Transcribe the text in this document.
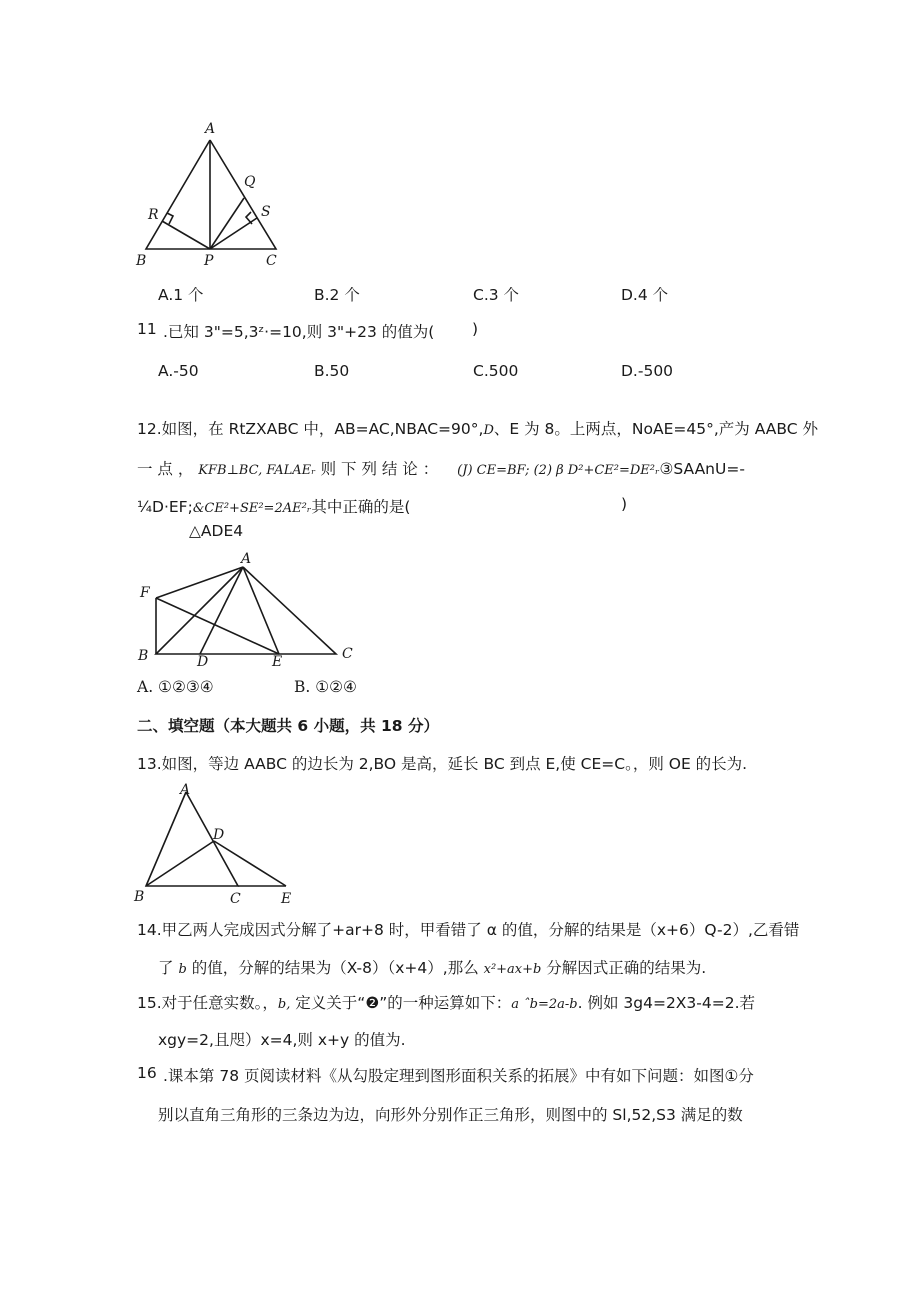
A
Q
R	S
B	P	C
A.1 个	B.2 个	C.3 个	D.4 个
11 .已知 3"=5,3ᶻ·=10,则 3"+23 的值为( )
A.-50	B.50	C.500	D.-500
12.如图，在 RtZXABC 中，AB=AC,NBAC=90°,D、E 为 8。上两点，NoAE=45°,产为 AABC 外
一 点 ， KFB⊥BC, FALAEᵣ 则 下 列 结 论 ： (J) CE=BF; (2) β D²+CE²=DE²ᵣ③SAAnU=-
¼D·EF;&CE²+SE²=2AE²ᵣ其中正确的是(	)
△ADE4
A
F
B	D	E	C
A. ①②③④	B. ①②④
二、填空题（本大题共 6 小题，共 18 分）
13.如图，等边 AABC 的边长为 2,BO 是高，延长 BC 到点 E,使 CE=C。，则 OE 的长为.
A
D
B	C	E
14.甲乙两人完成因式分解了+ar+8 时，甲看错了 α 的值，分解的结果是（x+6）Q-2）,乙看错
了 b 的值，分解的结果为（X-8）（x+4）,那么 x²+ax+b 分解因式正确的结果为.
15.对于任意实数。，b, 定义关于“❷”的一种运算如下：a ˆb=2a-b. 例如 3g4=2X3-4=2.若
xgy=2,且咫）x=4,则 x+y 的值为.
16 .课本第 78 页阅读材料《从勾股定理到图形面积关系的拓展》中有如下问题：如图①分
别以直角三角形的三条边为边，向形外分别作正三角形，则图中的 Sl,52,S3 满足的数
